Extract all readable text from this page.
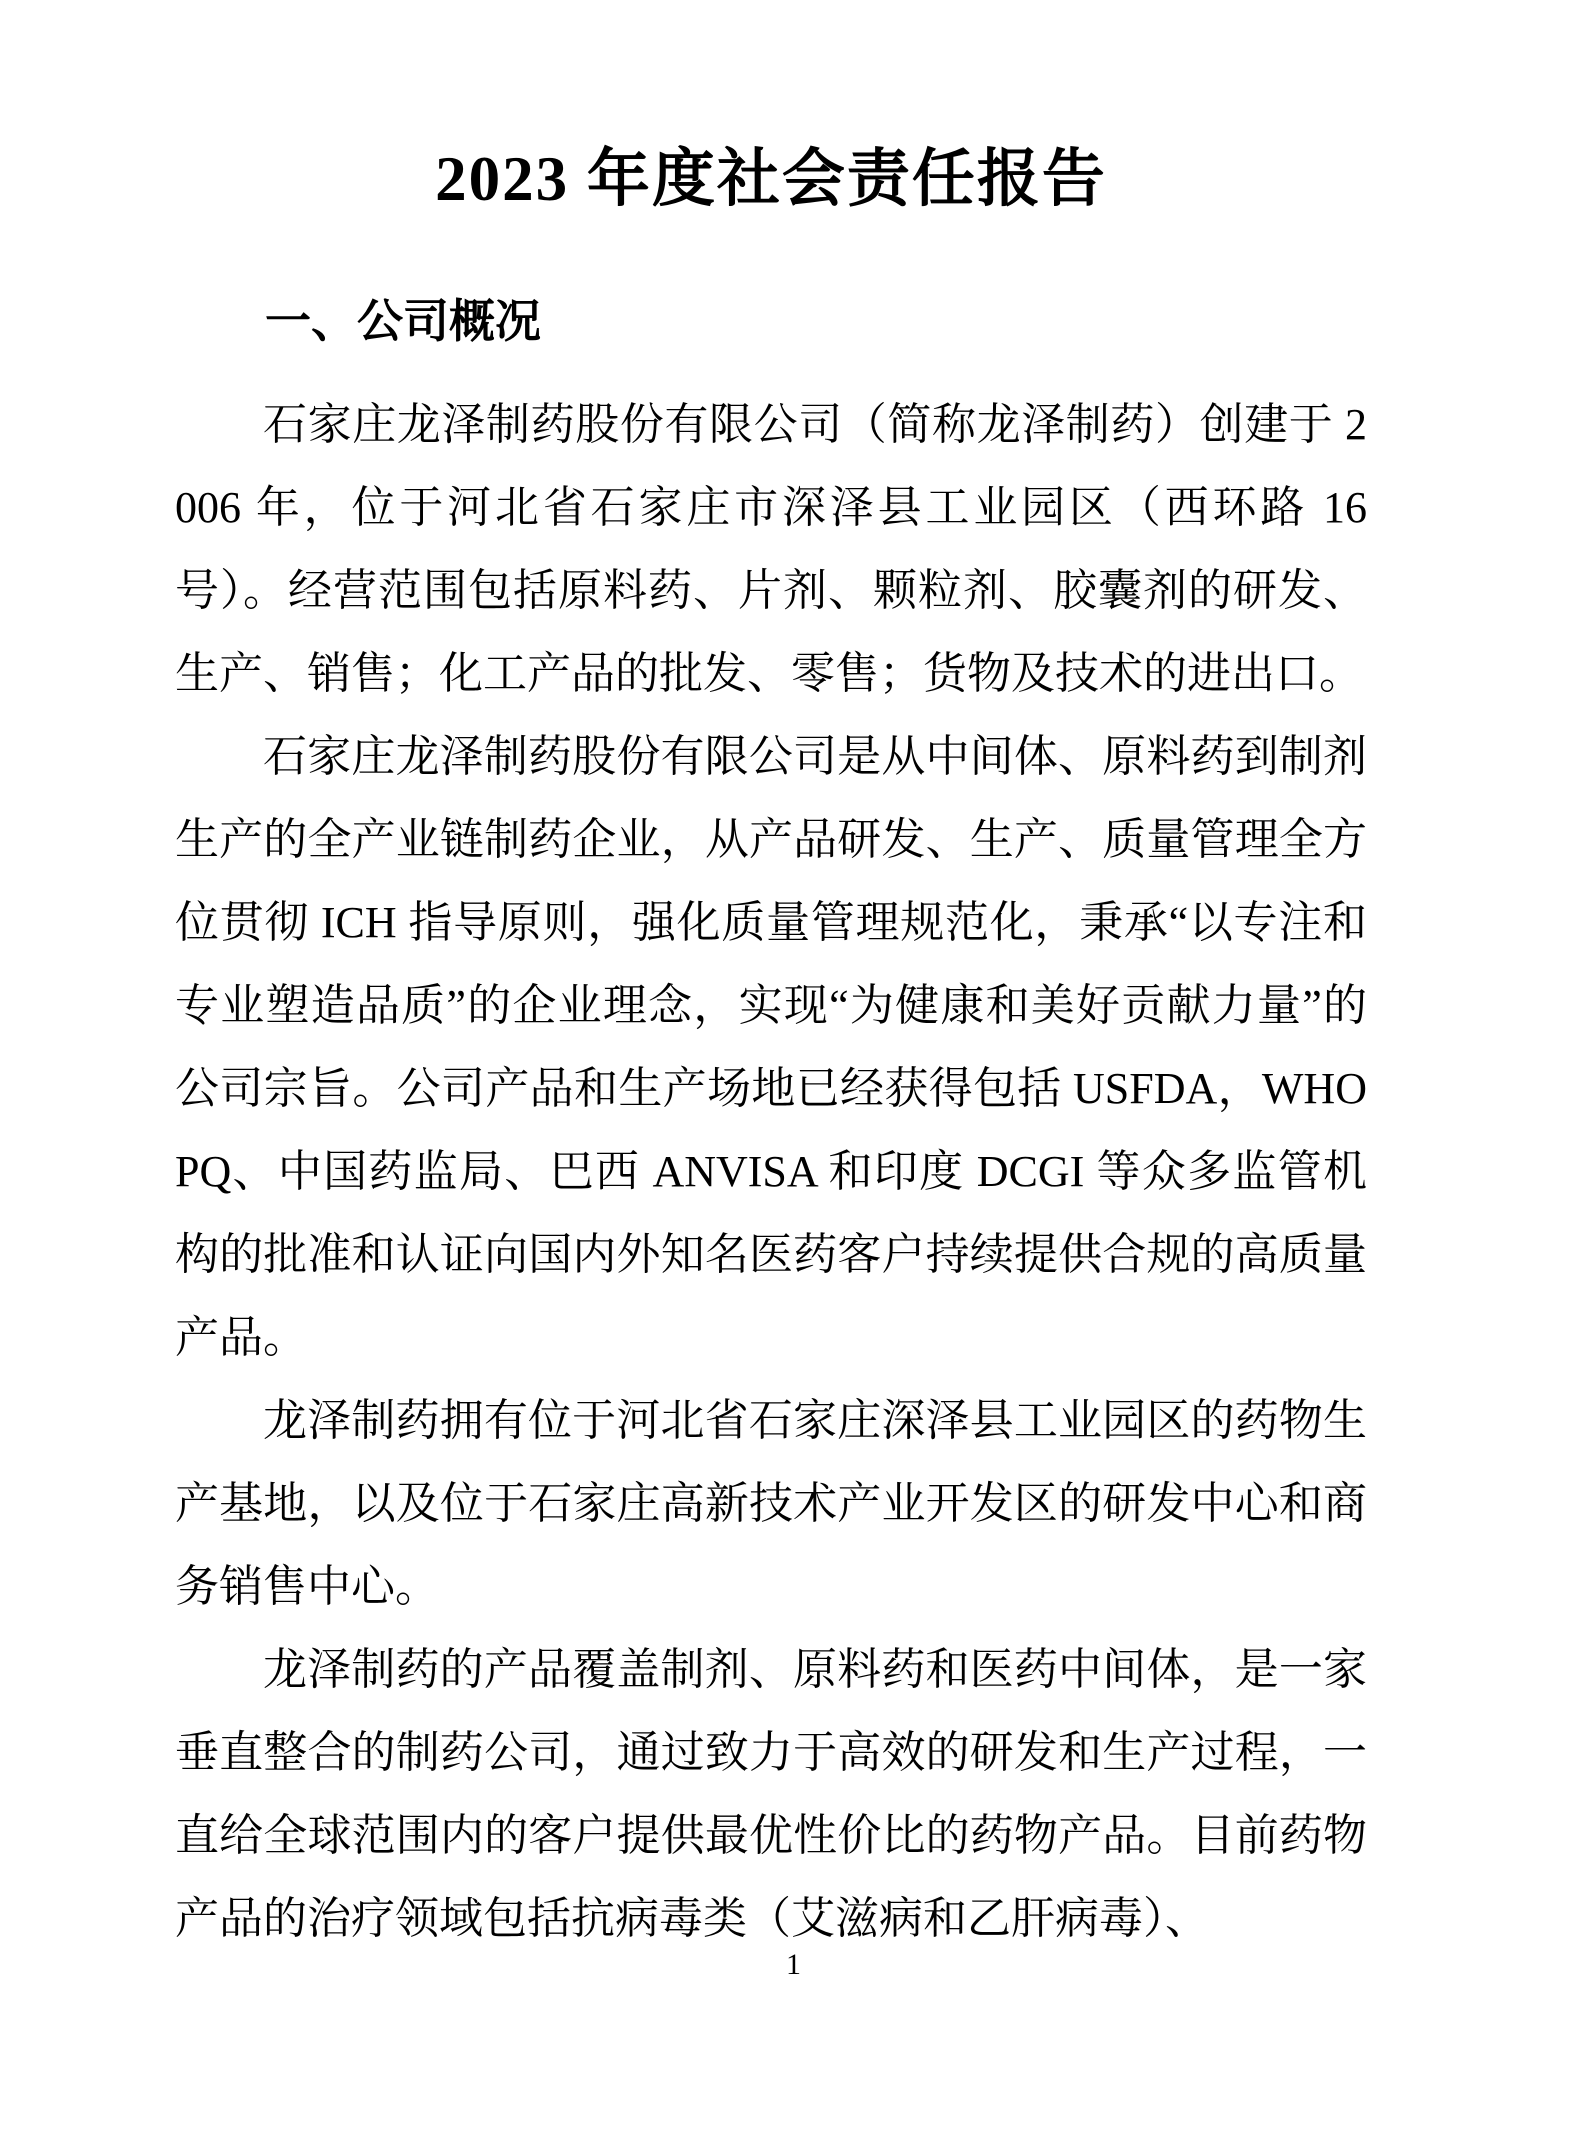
2023 年度社会责任报告
一、公司概况

石家庄龙泽制药股份有限公司（简称龙泽制药）创建于 2006 年，位于河北省石家庄市深泽县工业园区（西环路 16 号）。经营范围包括原料药、片剂、颗粒剂、胶囊剂的研发、生产、销售；化工产品的批发、零售；货物及技术的进出口。

石家庄龙泽制药股份有限公司是从中间体、原料药到制剂生产的全产业链制药企业，从产品研发、生产、质量管理全方位贯彻 ICH 指导原则，强化质量管理规范化，秉承“以专注和专业塑造品质”的企业理念，实现“为健康和美好贡献力量”的公司宗旨。公司产品和生产场地已经获得包括 USFDA，WHOPQ、中国药监局、巴西 ANVISA 和印度 DCGI 等众多监管机构的批准和认证向国内外知名医药客户持续提供合规的高质量产品。

龙泽制药拥有位于河北省石家庄深泽县工业园区的药物生产基地，以及位于石家庄高新技术产业开发区的研发中心和商务销售中心。

龙泽制药的产品覆盖制剂、原料药和医药中间体，是一家垂直整合的制药公司，通过致力于高效的研发和生产过程，一直给全球范围内的客户提供最优性价比的药物产品。目前药物产品的治疗领域包括抗病毒类（艾滋病和乙肝病毒）、

1
